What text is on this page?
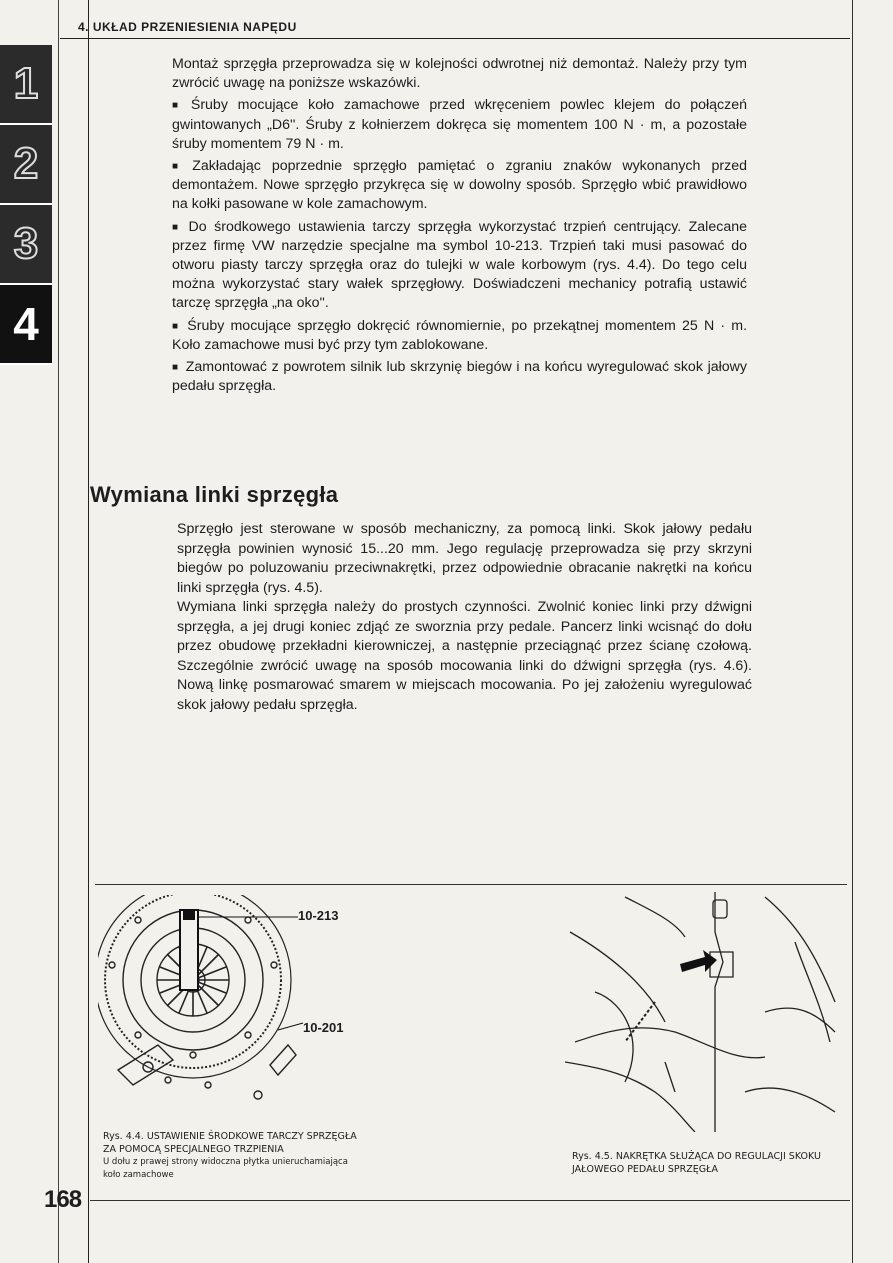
4. UKŁAD PRZENIESIENIA NAPĘDU
1
2
3
4

Montaż sprzęgła przeprowadza się w kolejności odwrotnej niż demontaż. Należy przy tym zwrócić uwagę na poniższe wskazówki.

■ Śruby mocujące koło zamachowe przed wkręceniem powlec klejem do połączeń gwintowanych „D6''. Śruby z kołnierzem dokręca się momentem 100 N · m, a pozostałe śruby momentem 79 N · m.

■ Zakładając poprzednie sprzęgło pamiętać o zgraniu znaków wykonanych przed demontażem. Nowe sprzęgło przykręca się w dowolny sposób. Sprzęgło wbić prawidłowo na kołki pasowane w kole zamachowym.

■ Do środkowego ustawienia tarczy sprzęgła wykorzystać trzpień centrujący. Zalecane przez firmę VW narzędzie specjalne ma symbol 10-213. Trzpień taki musi pasować do otworu piasty tarczy sprzęgła oraz do tulejki w wale korbowym (rys. 4.4). Do tego celu można wykorzystać stary wałek sprzęgłowy. Doświadczeni mechanicy potrafią ustawić tarczę sprzęgła „na oko''.

■ Śruby mocujące sprzęgło dokręcić równomiernie, po przekątnej momentem 25 N · m. Koło zamachowe musi być przy tym zablokowane.

■ Zamontować z powrotem silnik lub skrzynię biegów i na końcu wyregulować skok jałowy pedału sprzęgła.

Wymiana linki sprzęgła

Sprzęgło jest sterowane w sposób mechaniczny, za pomocą linki. Skok jałowy pedału sprzęgła powinien wynosić 15...20 mm. Jego regulację przeprowadza się przy skrzyni biegów po poluzowaniu przeciwnakrętki, przez odpowiednie obracanie nakrętki na końcu linki sprzęgła (rys. 4.5).

Wymiana linki sprzęgła należy do prostych czynności. Zwolnić koniec linki przy dźwigni sprzęgła, a jej drugi koniec zdjąć ze sworznia przy pedale. Pancerz linki wcisnąć do dołu przez obudowę przekładni kierowniczej, a następnie przeciągnąć przez ścianę czołową. Szczególnie zwrócić uwagę na sposób mocowania linki do dźwigni sprzęgła (rys. 4.6). Nową linkę posmarować smarem w miejscach mocowania. Po jej założeniu wyregulować skok jałowy pedału sprzęgła.

10-213
10-201
Rys. 4.4. USTAWIENIE ŚRODKOWE TARCZY SPRZĘGŁA
ZA POMOCĄ SPECJALNEGO TRZPIENIA
U dołu z prawej strony widoczna płytka unieruchamiająca
koło zamachowe
Rys. 4.5. NAKRĘTKA SŁUŻĄCA DO REGULACJI SKOKU
JAŁOWEGO PEDAŁU SPRZĘGŁA
168
